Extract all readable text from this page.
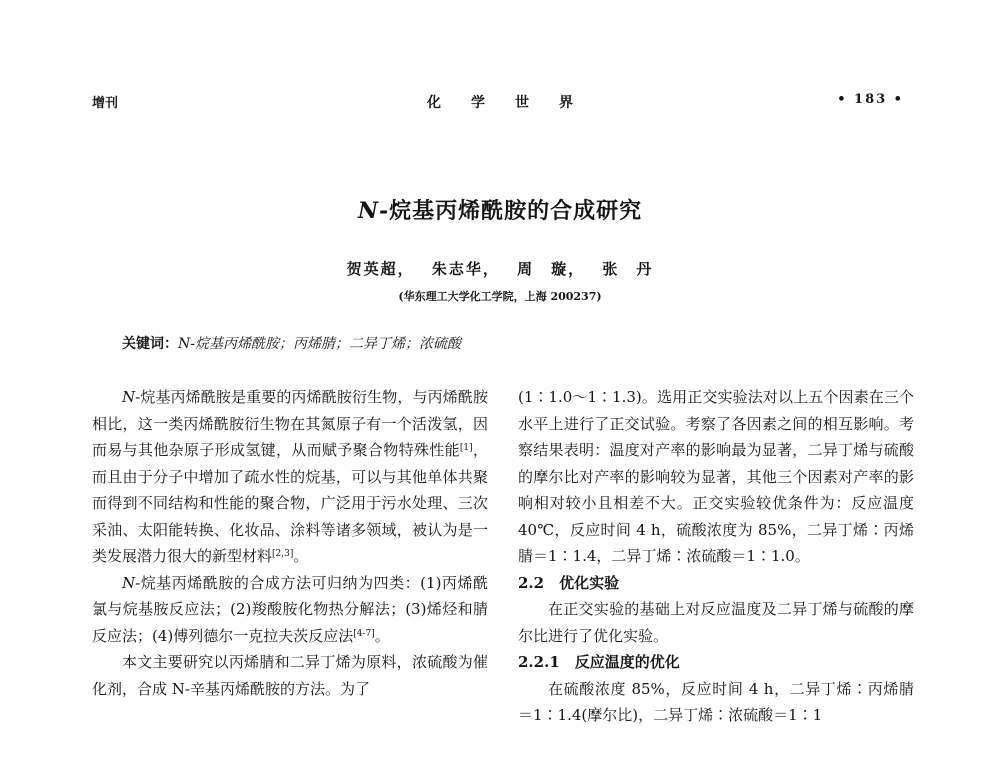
增刊	化学世界	• 183 •
N-烷基丙烯酰胺的合成研究
贺英超， 朱志华， 周　璇， 张　丹
(华东理工大学化工学院，上海 200237)
关键词：N-烷基丙烯酰胺；丙烯腈；二异丁烯；浓硫酸

N-烷基丙烯酰胺是重要的丙烯酰胺衍生物，与丙烯酰胺相比，这一类丙烯酰胺衍生物在其氮原子有一个活泼氢，因而易与其他杂原子形成氢键，从而赋予聚合物特殊性能[1]，而且由于分子中增加了疏水性的烷基，可以与其他单体共聚而得到不同结构和性能的聚合物，广泛用于污水处理、三次采油、太阳能转换、化妆品、涂料等诸多领域，被认为是一类发展潜力很大的新型材料[2,3]。

N-烷基丙烯酰胺的合成方法可归纳为四类：(1)丙烯酰氯与烷基胺反应法；(2)羧酸胺化物热分解法；(3)烯烃和腈反应法；(4)傅列德尔一克拉夫茨反应法[4-7]。

本文主要研究以丙烯腈和二异丁烯为原料，浓硫酸为催化剂，合成 N-辛基丙烯酰胺的方法。为了

(1∶1.0～1∶1.3)。选用正交实验法对以上五个因素在三个水平上进行了正交试验。考察了各因素之间的相互影响。考察结果表明：温度对产率的影响最为显著，二异丁烯与硫酸的摩尔比对产率的影响较为显著，其他三个因素对产率的影响相对较小且相差不大。正交实验较优条件为：反应温度 40℃，反应时间 4 h，硫酸浓度为 85%，二异丁烯∶丙烯腈＝1∶1.4，二异丁烯∶浓硫酸＝1∶1.0。

2.2　优化实验

在正交实验的基础上对反应温度及二异丁烯与硫酸的摩尔比进行了优化实验。

2.2.1　反应温度的优化

在硫酸浓度 85%，反应时间 4 h，二异丁烯∶丙烯腈＝1∶1.4(摩尔比)，二异丁烯∶浓硫酸＝1∶1
